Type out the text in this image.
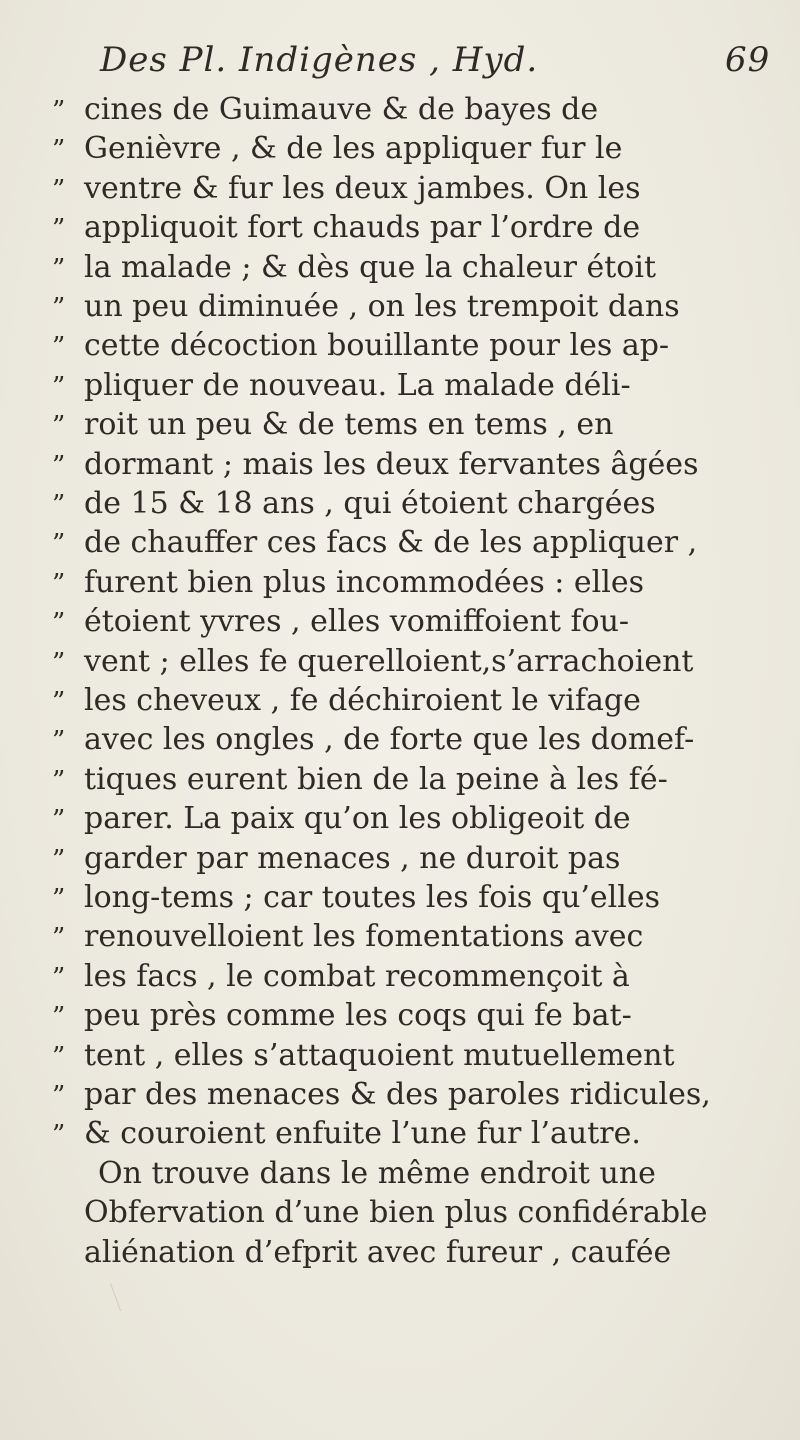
Des Pl. Indigènes , Hyd.	69
” cines de Guimauve & de bayes de
” Genièvre , & de les appliquer fur le
” ventre & fur les deux jambes. On les
” appliquoit fort chauds par l’ordre de
” la malade ; & dès que la chaleur étoit
” un peu diminuée , on les trempoit dans
” cette décoction bouillante pour les ap-
” pliquer de nouveau. La malade déli-
” roit un peu & de tems en tems , en
” dormant ; mais les deux fervantes âgées
” de 15 & 18 ans , qui étoient chargées
” de chauffer ces facs & de les appliquer ,
” furent bien plus incommodées : elles
” étoient yvres , elles vomiffoient fou-
” vent ; elles fe querelloient,s’arrachoient
” les cheveux , fe déchiroient le vifage
” avec les ongles , de forte que les domef-
” tiques eurent bien de la peine à les fé-
” parer. La paix qu’on les obligeoit de
” garder par menaces , ne duroit pas
” long-tems ; car toutes les fois qu’elles
” renouvelloient les fomentations avec
” les facs , le combat recommençoit à
” peu près comme les coqs qui fe bat-
” tent , elles s’attaquoient mutuellement
” par des menaces & des paroles ridicules,
” & couroient enfuite l’une fur l’autre.
On trouve dans le même endroit une
Obfervation d’une bien plus confidérable
aliénation d’efprit avec fureur , caufée
